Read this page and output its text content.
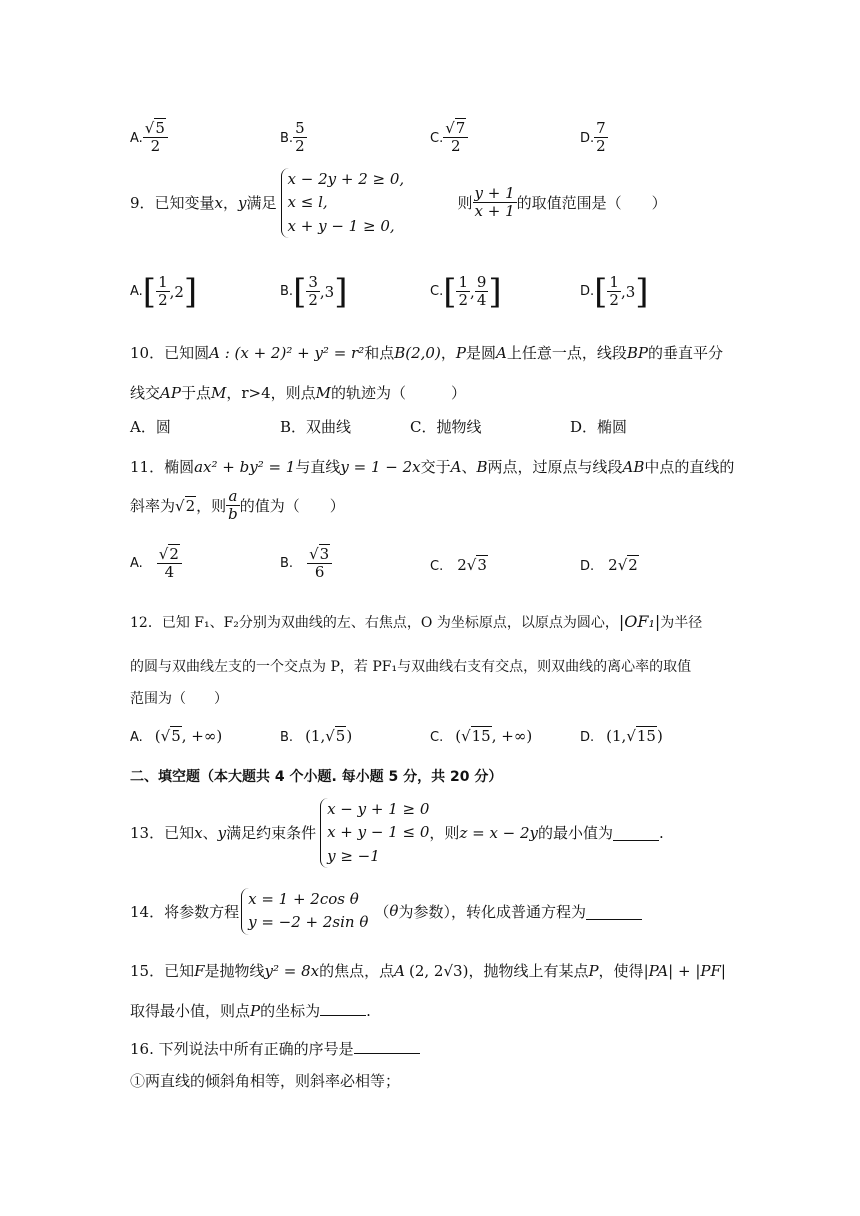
A. $\frac{√5}{2}$	B. $\frac{5}{2}$	C. $\frac{√7}{2}$	D. $\frac{7}{2}$
9．已知变量 x ， y 满足
x − 2y + 2 ≥ 0,
x ≤ l,
x + y − 1 ≥ 0,
则 $\frac{y + 1}{x + 1}$ 的取值范围是（　　）
A. [ $\frac{1}{2} ,2$ ]	B. [ $\frac{3}{2} ,3$ ]	C. [ $\frac{1}{2}$ , $\frac{9}{4}$ ]	D. [ $\frac{1}{2} ,3$ ]
10．已知圆A : (x + 2)² + y² = r²和点B(2,0)，P是圆A上任意一点，线段BP的垂直平分
线交AP于点M，r>4，则点M的轨迹为（　　　）
A．圆	B．双曲线	C．抛物线	D．椭圆
11．椭圆ax² + by² = 1与直线y = 1 − 2x交于A、B两点，过原点与线段AB中点的直线的
斜率为 √ 2 ，则 $\frac{a}{b}$ 的值为（　　）
A. $\frac{√2}{4}$	B. $\frac{√3}{6}$	C. 2√3	D. 2√2
12．已知 F₁、F₂分别为双曲线的左、右焦点，O 为坐标原点，以原点为圆心，|OF₁|为半径
的圆与双曲线左支的一个交点为 P，若 PF₁与双曲线右支有交点，则双曲线的离心率的取值
范围为（　　）
A. (√5, +∞)	B. (1,√5)	C. (√15, +∞)	D. (1,√15)
二、填空题（本大题共 4 个小题. 每小题 5 分，共 20 分）
13．已知 x 、 y 满足约束条件
x − y + 1 ≥ 0
x + y − 1 ≤ 0
y ≥ −1
，则 z = x − 2y 的最小值为	.
14．将参数方程
x = 1 + 2cos θ
y = −2 + 2sin θ
（ θ 为参数），转化成普通方程为
15．已知F是抛物线y² = 8x的焦点，点A (2, 2√3)，抛物线上有某点P，使得|PA| + |PF|
取得最小值，则点P的坐标为	.
16. 下列说法中所有正确的序号是
①两直线的倾斜角相等，则斜率必相等；
